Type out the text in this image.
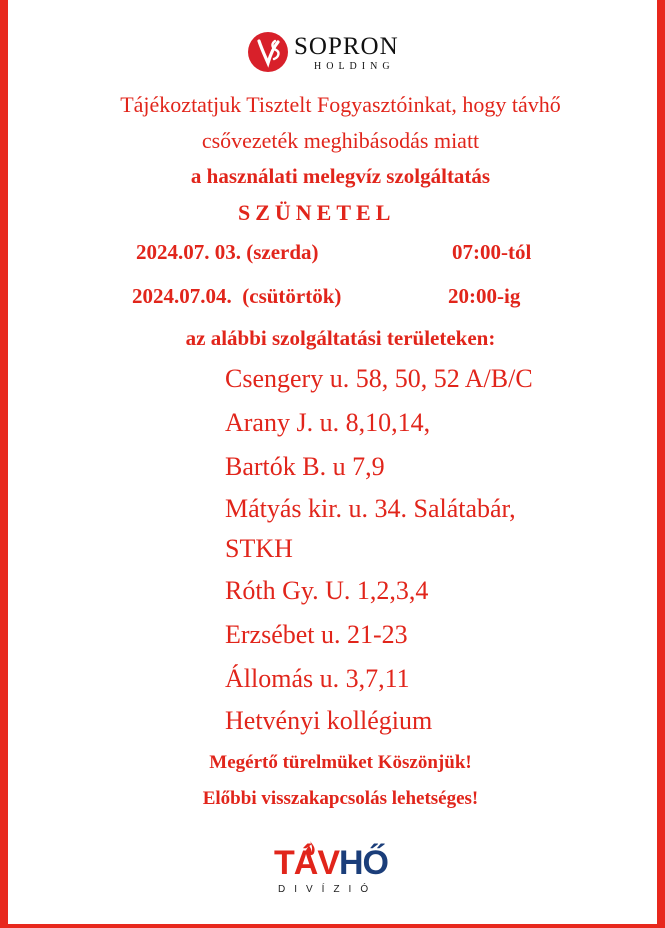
SOPRON
HOLDING
Tájékoztatjuk Tisztelt Fogyasztóinkat, hogy távhő
csővezeték meghibásodás miatt
a használati melegvíz szolgáltatás
SZÜNETEL
2024.07. 03. (szerda)	07:00-tól
2024.07.04.  (csütörtök)	20:00-ig
az alábbi szolgáltatási területeken:
Csengery u. 58, 50, 52 A/B/C
Arany J. u. 8,10,14,
Bartók B. u 7,9
Mátyás kir. u. 34. Salátabár,
STKH
Róth Gy. U. 1,2,3,4
Erzsébet u. 21-23
Állomás u. 3,7,11
Hetvényi kollégium
Megértő türelmüket Köszönjük!
Előbbi visszakapcsolás lehetséges!
TÁVHŐ
DIVÍZIÓ
